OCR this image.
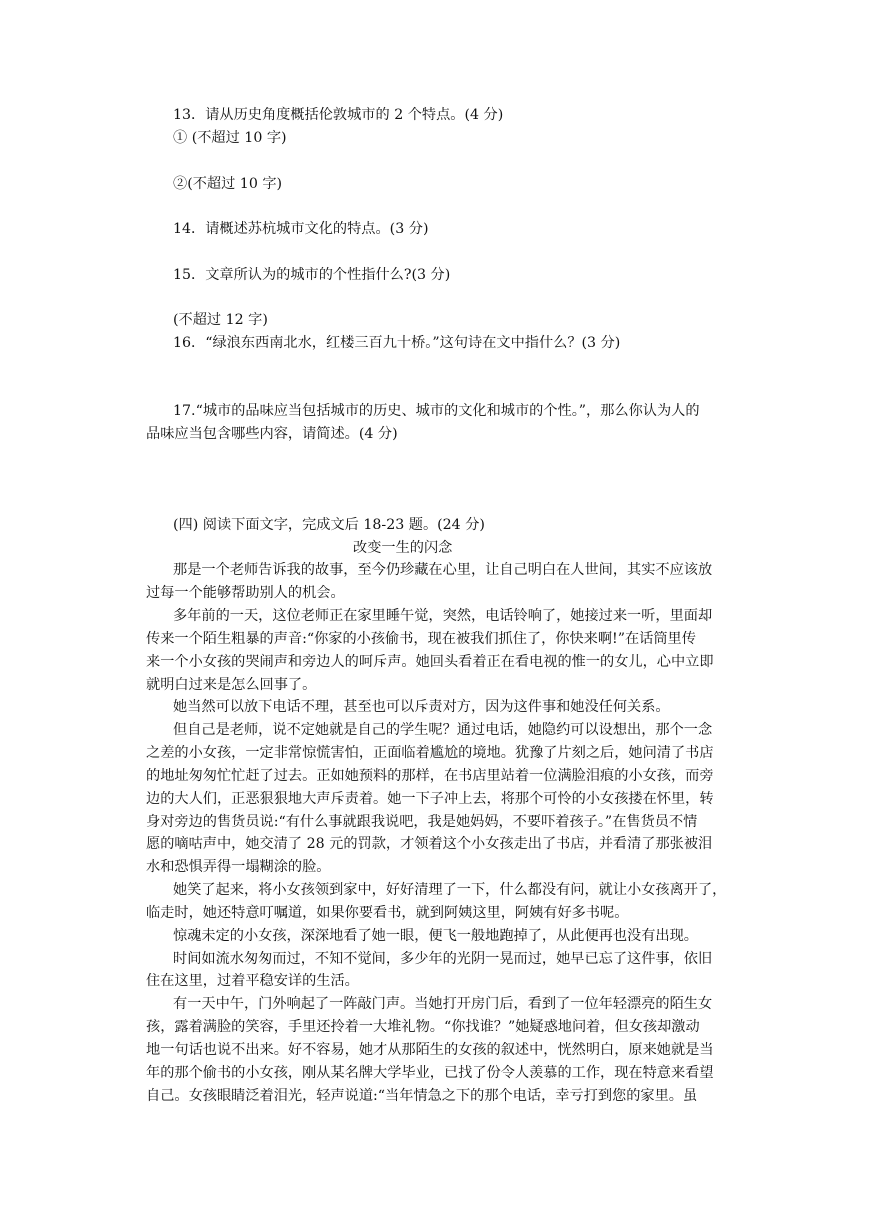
13．请从历史角度概括伦敦城市的 2 个特点。(4 分)

① (不超过 10 字)

②(不超过 10 字)

14．请概述苏杭城市文化的特点。(3 分)

15．文章所认为的城市的个性指什么?(3 分)

(不超过 12 字)

16．“绿浪东西南北水，红楼三百九十桥。”这句诗在文中指什么？(3 分)

17.“城市的品味应当包括城市的历史、城市的文化和城市的个性。”，那么你认为人的

品味应当包含哪些内容，请简述。(4 分)

(四) 阅读下面文字，完成文后 18-23 题。(24 分)

改变一生的闪念

那是一个老师告诉我的故事，至今仍珍藏在心里，让自己明白在人世间，其实不应该放

过每一个能够帮助别人的机会。

多年前的一天，这位老师正在家里睡午觉，突然，电话铃响了，她接过来一听，里面却

传来一个陌生粗暴的声音:“你家的小孩偷书，现在被我们抓住了，你快来啊!”在话筒里传

来一个小女孩的哭闹声和旁边人的呵斥声。她回头看着正在看电视的惟一的女儿，心中立即

就明白过来是怎么回事了。

她当然可以放下电话不理，甚至也可以斥责对方，因为这件事和她没任何关系。

但自己是老师，说不定她就是自己的学生呢？通过电话，她隐约可以设想出，那个一念

之差的小女孩，一定非常惊慌害怕，正面临着尴尬的境地。犹豫了片刻之后，她问清了书店

的地址匆匆忙忙赶了过去。正如她预料的那样，在书店里站着一位满脸泪痕的小女孩，而旁

边的大人们，正恶狠狠地大声斥责着。她一下子冲上去，将那个可怜的小女孩搂在怀里，转

身对旁边的售货员说:“有什么事就跟我说吧，我是她妈妈，不要吓着孩子。”在售货员不情

愿的嘀咕声中，她交清了 28 元的罚款，才领着这个小女孩走出了书店，并看清了那张被泪

水和恐惧弄得一塌糊涂的脸。

她笑了起来，将小女孩领到家中，好好清理了一下，什么都没有问，就让小女孩离开了，

临走时，她还特意叮嘱道，如果你要看书，就到阿姨这里，阿姨有好多书呢。

惊魂未定的小女孩，深深地看了她一眼，便飞一般地跑掉了，从此便再也没有出现。

时间如流水匆匆而过，不知不觉间，多少年的光阴一晃而过，她早已忘了这件事，依旧

住在这里，过着平稳安详的生活。

有一天中午，门外响起了一阵敲门声。当她打开房门后，看到了一位年轻漂亮的陌生女

孩，露着满脸的笑容，手里还拎着一大堆礼物。“你找谁？”她疑惑地问着，但女孩却激动

地一句话也说不出来。好不容易，她才从那陌生的女孩的叙述中，恍然明白，原来她就是当

年的那个偷书的小女孩，刚从某名牌大学毕业，已找了份令人羡慕的工作，现在特意来看望

自己。女孩眼睛泛着泪光，轻声说道:“当年情急之下的那个电话，幸亏打到您的家里。虽
